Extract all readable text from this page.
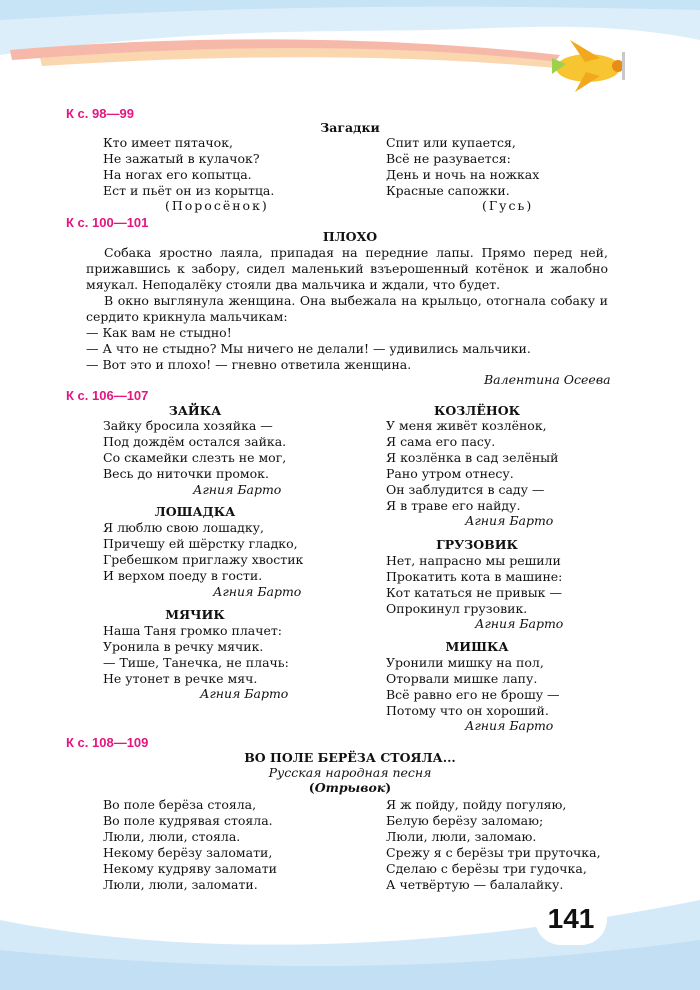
К с. 98—99
Загадки
Кто имеет пятачок,
Не зажатый в кулачок?
На ногах его копытца.
Ест и пьёт он из корытца.
(Поросёнок)
Спит или купается,
Всё не разувается:
День и ночь на ножках
Красные сапожки.
(Гусь)
К с. 100—101
ПЛОХО
Собака яростно лаяла, припадая на передние лапы. Прямо перед ней, прижавшись к забору, сидел маленький взъерошенный котёнок и жалобно мяукал. Неподалёку стояли два мальчика и ждали, что будет.
В окно выглянула женщина. Она выбежала на крыльцо, отогнала собаку и сердито крикнула мальчикам:
— Как вам не стыдно!
— А что не стыдно? Мы ничего не делали! — удивились мальчики.
— Вот это и плохо! — гневно ответила женщина.
Валентина Осеева
К с. 106—107
ЗАЙКА
Зайку бросила хозяйка —
Под дождём остался зайка.
Со скамейки слезть не мог,
Весь до ниточки промок.
Агния Барто
ЛОШАДКА
Я люблю свою лошадку,
Причешу ей шёрстку гладко,
Гребешком приглажу хвостик
И верхом поеду в гости.
Агния Барто
МЯЧИК
Наша Таня громко плачет:
Уронила в речку мячик.
— Тише, Танечка, не плачь:
Не утонет в речке мяч.
Агния Барто
КОЗЛЁНОК
У меня живёт козлёнок,
Я сама его пасу.
Я козлёнка в сад зелёный
Рано утром отнесу.
Он заблудится в саду —
Я в траве его найду.
Агния Барто
ГРУЗОВИК
Нет, напрасно мы решили
Прокатить кота в машине:
Кот кататься не привык —
Опрокинул грузовик.
Агния Барто
МИШКА
Уронили мишку на пол,
Оторвали мишке лапу.
Всё равно его не брошу —
Потому что он хороший.
Агния Барто
К с. 108—109
ВО ПОЛЕ БЕРЁЗА СТОЯЛА...
Русская народная песня
(Отрывок)
Во поле берёза стояла,
Во поле кудрявая стояла.
Люли, люли, стояла.
Некому берёзу заломати,
Некому кудряву заломати
Люли, люли, заломати.
Я ж пойду, пойду погуляю,
Белую берёзу заломаю;
Люли, люли, заломаю.
Срежу я с берёзы три пруточка,
Сделаю с берёзы три гудочка,
А четвёртую — балалайку.
141
